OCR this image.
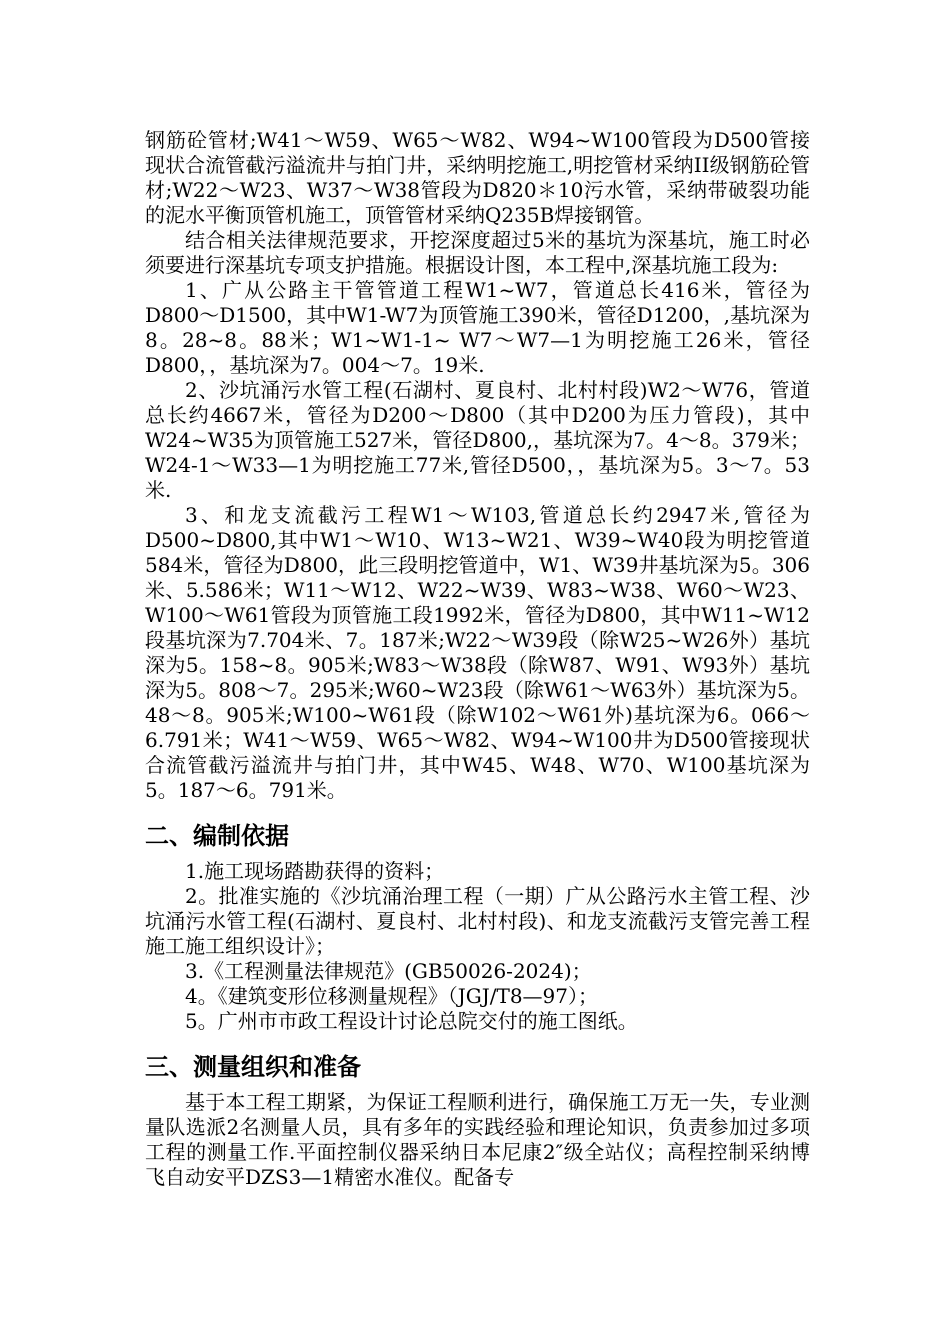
钢筋砼管材;W41～W59、W65～W82、W94~W100管段为D500管接现状合流管截污溢流井与拍门井，采纳明挖施工,明挖管材采纳II级钢筋砼管材;W22～W23、W37～W38管段为D820＊10污水管，采纳带破裂功能的泥水平衡顶管机施工，顶管管材采纳Q235B焊接钢管。

结合相关法律规范要求，开挖深度超过5米的基坑为深基坑，施工时必须要进行深基坑专项支护措施。根据设计图，本工程中,深基坑施工段为:

1、广从公路主干管管道工程W1~W7，管道总长416米，管径为D800～D1500，其中W1-W7为顶管施工390米，管径D1200，,基坑深为8。28~8。88米；W1~W1-1~ W7～W7—1为明挖施工26米，管径D800，，基坑深为7。004～7。19米.

2、沙坑涌污水管工程(石湖村、夏良村、北村村段)W2～W76，管道总长约4667米，管径为D200～D800（其中D200为压力管段)，其中W24~W35为顶管施工527米，管径D800,，基坑深为7。4～8。379米；W24-1～W33—1为明挖施工77米,管径D500，，基坑深为5。3～7。53米.

3、和龙支流截污工程W1～W103,管道总长约2947米,管径为D500~D800,其中W1～W10、W13~W21、W39~W40段为明挖管道584米，管径为D800，此三段明挖管道中，W1、W39井基坑深为5。306米、5.586米；W11～W12、W22~W39、W83~W38、W60～W23、W100～W61管段为顶管施工段1992米，管径为D800，其中W11~W12段基坑深为7.704米、7。187米;W22～W39段（除W25~W26外）基坑深为5。158~8。905米;W83～W38段（除W87、W91、W93外）基坑深为5。808～7。295米;W60~W23段（除W61～W63外）基坑深为5。48～8。905米;W100~W61段（除W102～W61外)基坑深为6。066～6.791米；W41～W59、W65～W82、W94~W100井为D500管接现状合流管截污溢流井与拍门井，其中W45、W48、W70、W100基坑深为5。187～6。791米。

二、编制依据

1.施工现场踏勘获得的资料；

2。批准实施的《沙坑涌治理工程（一期）广从公路污水主管工程、沙坑涌污水管工程(石湖村、夏良村、北村村段)、和龙支流截污支管完善工程施工施工组织设计》；

3.《工程测量法律规范》(GB50026-2024)；

4。《建筑变形位移测量规程》（JGJ/T8—97）；

5。广州市市政工程设计讨论总院交付的施工图纸。

三、测量组织和准备

基于本工程工期紧，为保证工程顺利进行，确保施工万无一失，专业测量队选派2名测量人员，具有多年的实践经验和理论知识，负责参加过多项工程的测量工作.平面控制仪器采纳日本尼康2″级全站仪；高程控制采纳博飞自动安平DZS3—1精密水准仪。配备专
